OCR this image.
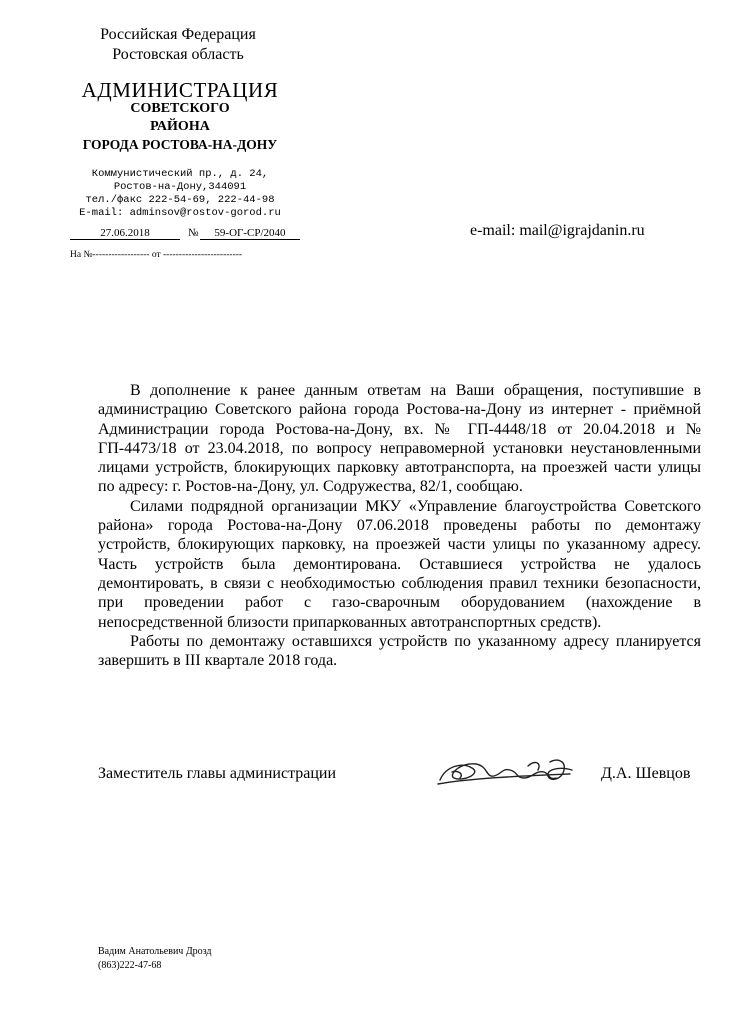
Российская Федерация
Ростовская область
АДМИНИСТРАЦИЯ
СОВЕТСКОГО
РАЙОНА
ГОРОДА РОСТОВА-НА-ДОНУ
Коммунистический пр., д. 24,
Ростов-на-Дону,344091
тел./факс 222-54-69, 222-44-98
E-mail: adminsov@rostov-gorod.ru
27.06.2018	№	59-ОГ-СР/2040
На №------------------ от -------------------------
e-mail: mail@igrajdanin.ru

В дополнение к ранее данным ответам на Ваши обращения, поступившие в администрацию Советского района города Ростова-на-Дону из интернет - приёмной Администрации города Ростова-на-Дону, вх. № ГП-4448/18 от 20.04.2018 и № ГП-4473/18 от 23.04.2018, по вопросу неправомерной установки неустановленными лицами устройств, блокирующих парковку автотранспорта, на проезжей части улицы по адресу: г. Ростов-на-Дону, ул. Содружества, 82/1, сообщаю.

Силами подрядной организации МКУ «Управление благоустройства Советского района» города Ростова-на-Дону 07.06.2018 проведены работы по демонтажу устройств, блокирующих парковку, на проезжей части улицы по указанному адресу. Часть устройств была демонтирована. Оставшиеся устройства не удалось демонтировать, в связи с необходимостью соблюдения правил техники безопасности, при проведении работ с газо-сварочным оборудованием (нахождение в непосредственной близости припаркованных автотранспортных средств).

Работы по демонтажу оставшихся устройств по указанному адресу планируется завершить в III квартале 2018 года.

Заместитель главы администрации	Д.А. Шевцов
Вадим Анатольевич Дрозд
(863)222-47-68
